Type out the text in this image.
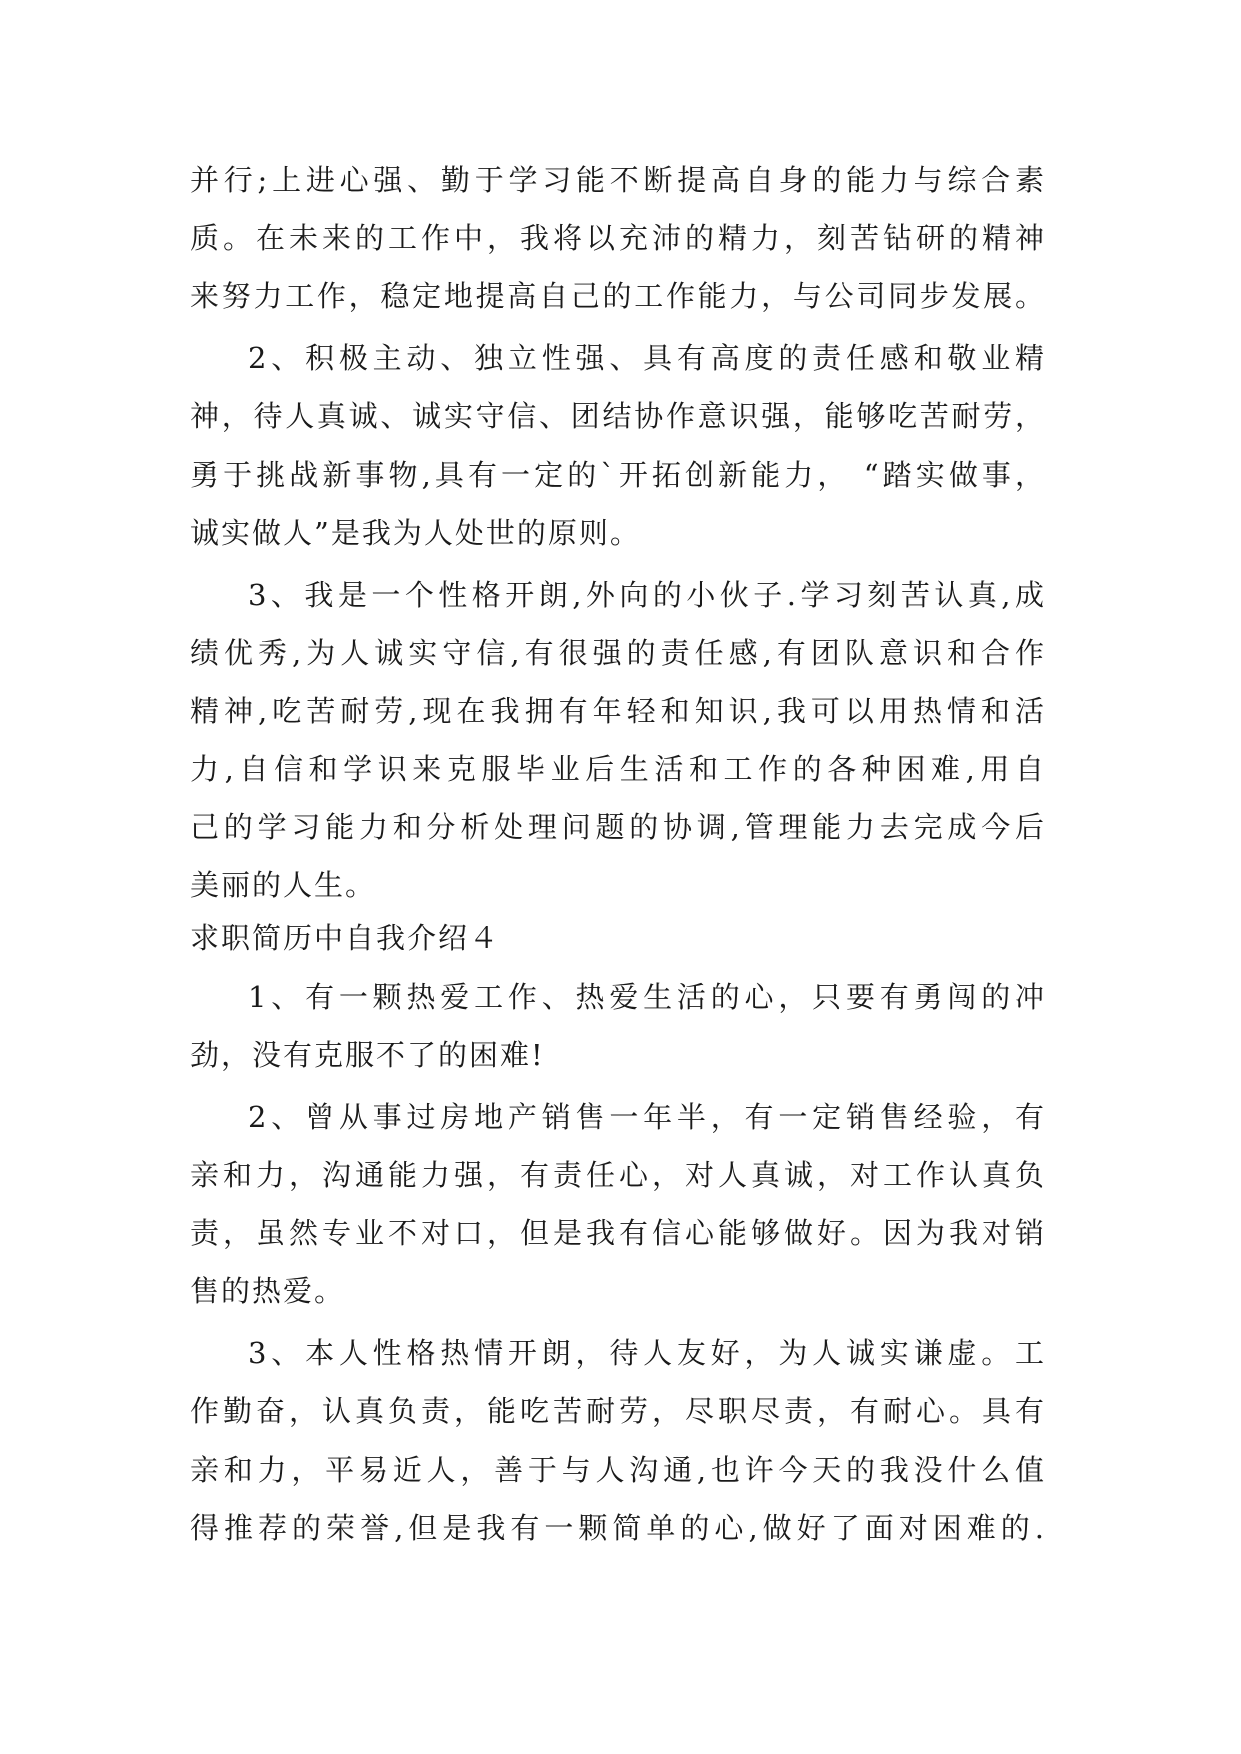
并行;上进心强、勤于学习能不断提高自身的能力与综合素
质。在未来的工作中，我将以充沛的精力，刻苦钻研的精神
来努力工作，稳定地提高自己的工作能力，与公司同步发展。
2、积极主动、独立性强、具有高度的责任感和敬业精
神，待人真诚、诚实守信、团结协作意识强，能够吃苦耐劳，
勇于挑战新事物,具有一定的`开拓创新能力， “踏实做事，
诚实做人”是我为人处世的原则。
3、我是一个性格开朗,外向的小伙子.学习刻苦认真,成
绩优秀,为人诚实守信,有很强的责任感,有团队意识和合作
精神,吃苦耐劳,现在我拥有年轻和知识,我可以用热情和活
力,自信和学识来克服毕业后生活和工作的各种困难,用自
己的学习能力和分析处理问题的协调,管理能力去完成今后
美丽的人生。
求职简历中自我介绍４
1、有一颗热爱工作、热爱生活的心，只要有勇闯的冲
劲，没有克服不了的困难!
2、曾从事过房地产销售一年半，有一定销售经验，有
亲和力，沟通能力强，有责任心，对人真诚，对工作认真负
责，虽然专业不对口，但是我有信心能够做好。因为我对销
售的热爱。
3、本人性格热情开朗，待人友好，为人诚实谦虚。工
作勤奋，认真负责，能吃苦耐劳，尽职尽责，有耐心。具有
亲和力，平易近人，善于与人沟通,也许今天的我没什么值
得推荐的荣誉,但是我有一颗简单的心,做好了面对困难的.
